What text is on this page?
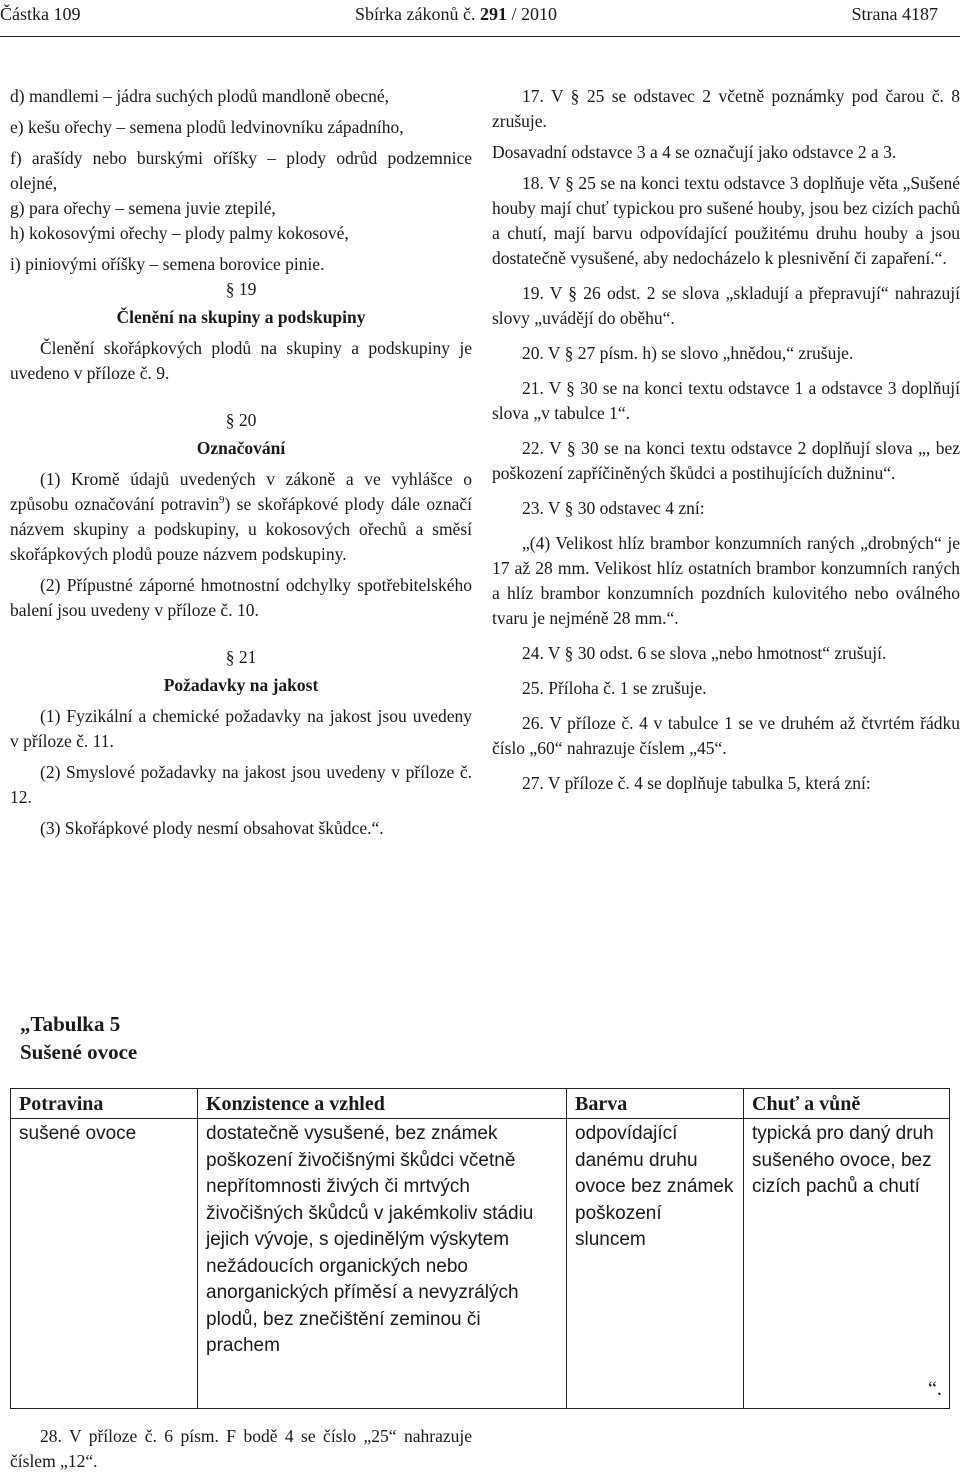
Částka 109	Sbírka zákonů č. 291 / 2010	Strana 4187

d) mandlemi – jádra suchých plodů mandloně obecné,

e) kešu ořechy – semena plodů ledvinovníku západního,

f) arašídy nebo burskými oříšky – plody odrůd podzemnice olejné,

g) para ořechy – semena juvie ztepilé,

h) kokosovými ořechy – plody palmy kokosové,

i) piniovými oříšky – semena borovice pinie.

§ 19

Členění na skupiny a podskupiny

Členění skořápkových plodů na skupiny a podskupiny je uvedeno v příloze č. 9.

§ 20

Označování

(1) Kromě údajů uvedených v zákoně a ve vyhlášce o způsobu označování potravin$^9$) se skořápkové plody dále označí názvem skupiny a podskupiny, u kokosových ořechů a směsí skořápkových plodů pouze názvem podskupiny.

(2) Přípustné záporné hmotnostní odchylky spotřebitelského balení jsou uvedeny v příloze č. 10.

§ 21

Požadavky na jakost

(1) Fyzikální a chemické požadavky na jakost jsou uvedeny v příloze č. 11.

(2) Smyslové požadavky na jakost jsou uvedeny v příloze č. 12.

(3) Skořápkové plody nesmí obsahovat škůdce.“.

17. V § 25 se odstavec 2 včetně poznámky pod čarou č. 8 zrušuje.

Dosavadní odstavce 3 a 4 se označují jako odstavce 2 a 3.

18. V § 25 se na konci textu odstavce 3 doplňuje věta „Sušené houby mají chuť typickou pro sušené houby, jsou bez cizích pachů a chutí, mají barvu odpovídající použitému druhu houby a jsou dostatečně vysušené, aby nedocházelo k plesnivění či zapaření.“.

19. V § 26 odst. 2 se slova „skladují a přepravují“ nahrazují slovy „uvádějí do oběhu“.

20. V § 27 písm. h) se slovo „hnědou,“ zrušuje.

21. V § 30 se na konci textu odstavce 1 a odstavce 3 doplňují slova „v tabulce 1“.

22. V § 30 se na konci textu odstavce 2 doplňují slova „, bez poškození zapříčiněných škůdci a postihujících dužninu“.

23. V § 30 odstavec 4 zní:

„(4) Velikost hlíz brambor konzumních raných „drobných“ je 17 až 28 mm. Velikost hlíz ostatních brambor konzumních raných a hlíz brambor konzumních pozdních kulovitého nebo oválného tvaru je nejméně 28 mm.“.

24. V § 30 odst. 6 se slova „nebo hmotnost“ zrušují.

25. Příloha č. 1 se zrušuje.

26. V příloze č. 4 v tabulce 1 se ve druhém až čtvrtém řádku číslo „60“ nahrazuje číslem „45“.

27. V příloze č. 4 se doplňuje tabulka 5, která zní:

„Tabulka 5
Sušené ovoce
Potravina	Konzistence a vzhled	Barva	Chuť a vůně
sušené ovoce	dostatečně vysušené, bez známek poškození živočišnými škůdci včetně nepřítomnosti živých či mrtvých živočišných škůdců v jakémkoliv stádiu jejich vývoje, s ojedinělým výskytem nežádoucích organických nebo anorganických příměsí a nevyzrálých plodů, bez znečištění zeminou či prachem	odpovídající danému druhu ovoce bez známek poškození sluncem	typická pro daný druh sušeného ovoce, bez cizích pachů a chutí
“.
28. V příloze č. 6 písm. F bodě 4 se číslo „25“ nahrazuje číslem „12“.
